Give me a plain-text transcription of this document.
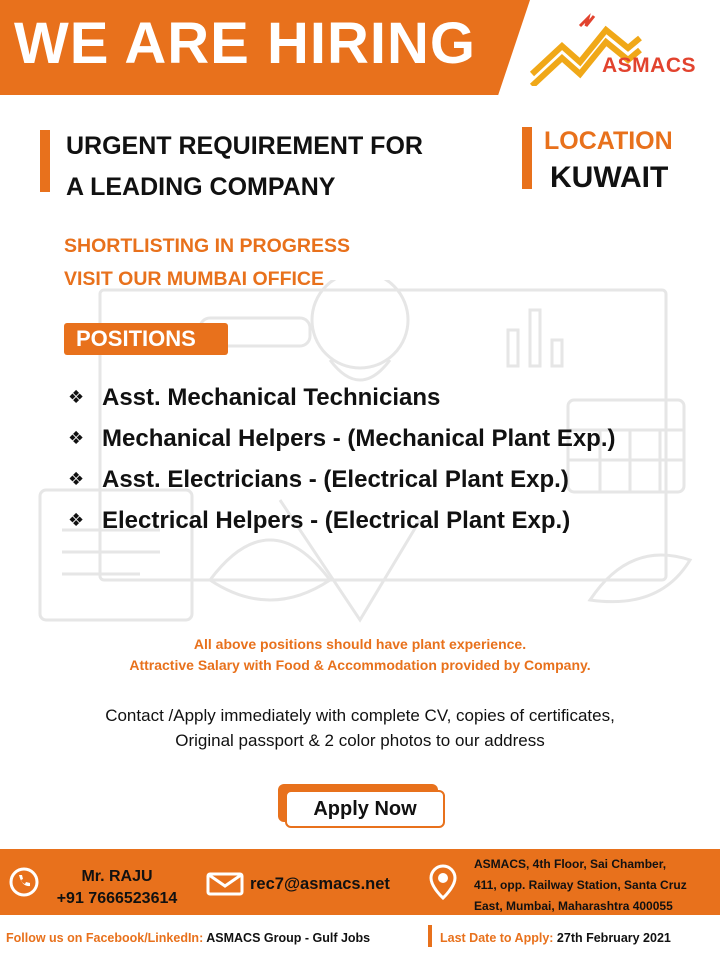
WE ARE HIRING	ASMACS
URGENT REQUIREMENT FOR
A LEADING COMPANY
LOCATION
KUWAIT
SHORTLISTING IN PROGRESS
VISIT OUR MUMBAI OFFICE
POSITIONS
❖ Asst. Mechanical Technicians
❖ Mechanical Helpers - (Mechanical Plant Exp.)
❖ Asst. Electricians - (Electrical Plant Exp.)
❖ Electrical Helpers - (Electrical Plant Exp.)
All above positions should have plant experience.
Attractive Salary with Food & Accommodation provided by Company.
Contact /Apply immediately with complete CV, copies of certificates,
Original passport & 2 color photos to our address
Apply Now
Mr. RAJU
+91 7666523614
rec7@asmacs.net
ASMACS, 4th Floor, Sai Chamber,
411, opp. Railway Station, Santa Cruz
East, Mumbai, Maharashtra 400055
Follow us on Facebook/LinkedIn: ASMACS Group - Gulf Jobs	Last Date to Apply: 27th February 2021
